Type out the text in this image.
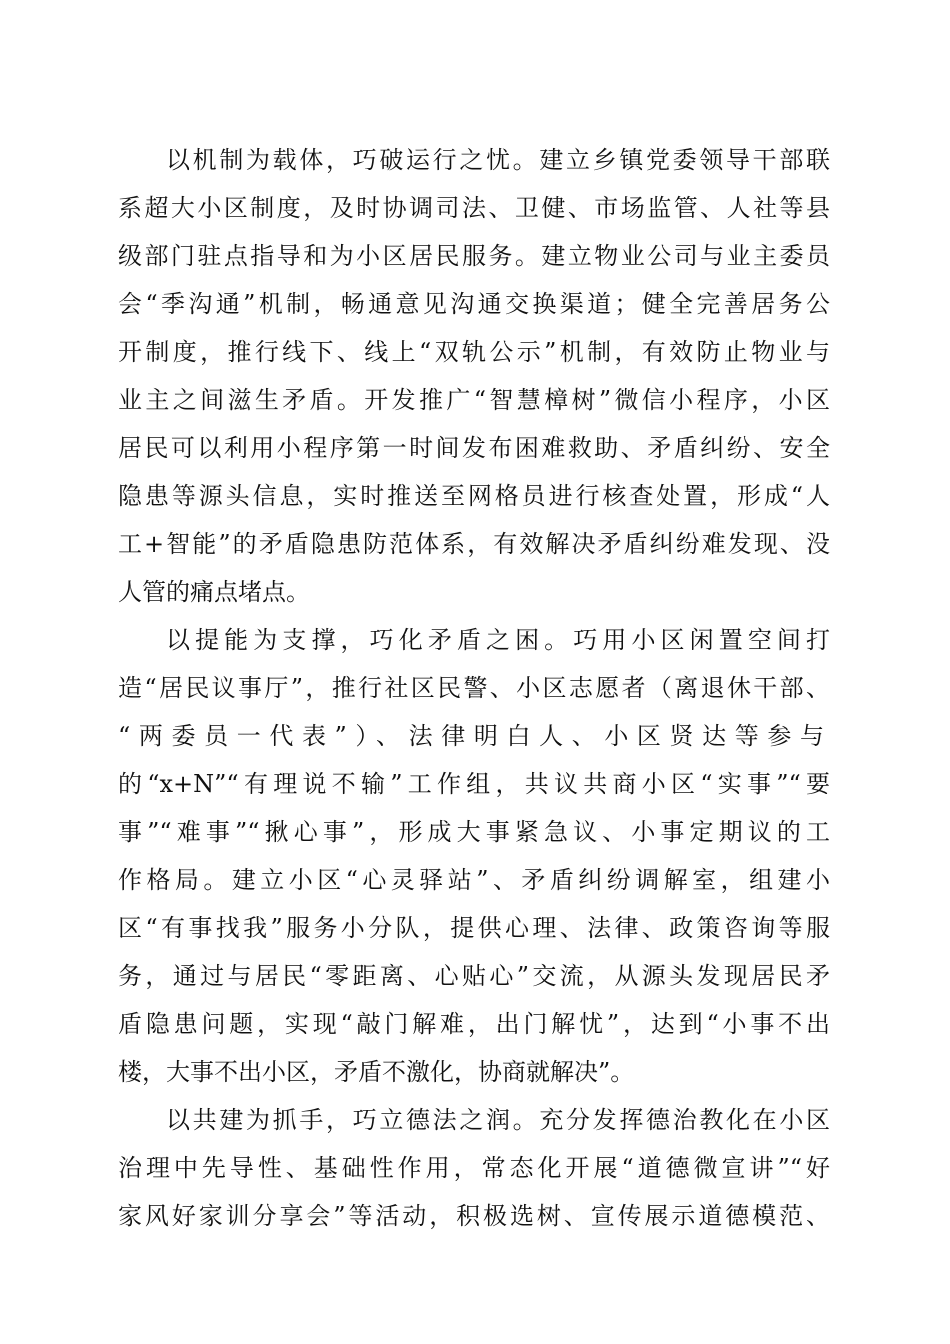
以机制为载体，巧破运行之忧。建立乡镇党委领导干部联
系超大小区制度，及时协调司法、卫健、市场监管、人社等县
级部门驻点指导和为小区居民服务。建立物业公司与业主委员
会“季沟通”机制，畅通意见沟通交换渠道；健全完善居务公
开制度，推行线下、线上“双轨公示”机制，有效防止物业与
业主之间滋生矛盾。开发推广“智慧樟树”微信小程序，小区
居民可以利用小程序第一时间发布困难救助、矛盾纠纷、安全
隐患等源头信息，实时推送至网格员进行核查处置，形成“人
工+智能”的矛盾隐患防范体系，有效解决矛盾纠纷难发现、没
人管的痛点堵点。
以提能为支撑，巧化矛盾之困。巧用小区闲置空间打
造“居民议事厅”，推行社区民警、小区志愿者（离退休干部、
“两委员一代表”）、法律明白人、小区贤达等参与
的“x+N”“有理说不输”工作组，共议共商小区“实事”“要
事”“难事”“揪心事”，形成大事紧急议、小事定期议的工
作格局。建立小区“心灵驿站”、矛盾纠纷调解室，组建小
区“有事找我”服务小分队，提供心理、法律、政策咨询等服
务，通过与居民“零距离、心贴心”交流，从源头发现居民矛
盾隐患问题，实现“敲门解难，出门解忧”，达到“小事不出
楼，大事不出小区，矛盾不激化，协商就解决”。
以共建为抓手，巧立德法之润。充分发挥德治教化在小区
治理中先导性、基础性作用，常态化开展“道德微宣讲”“好
家风好家训分享会”等活动，积极选树、宣传展示道德模范、
